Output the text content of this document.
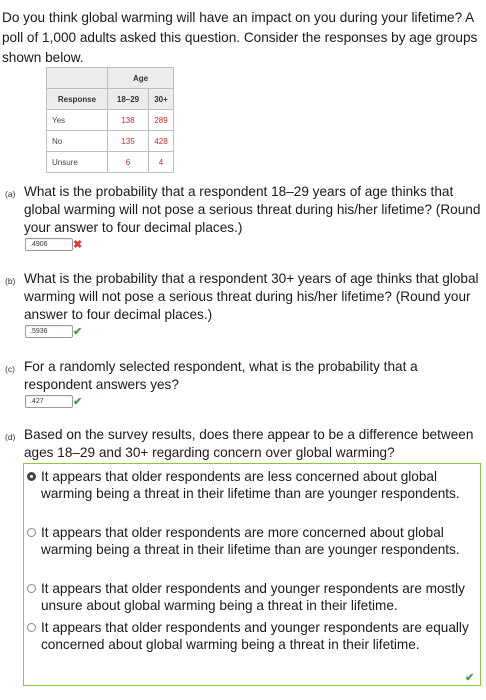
Do you think global warming will have an impact on you during your lifetime? A poll of 1,000 adults asked this question. Consider the responses by age groups shown below.

	Age	
Response	18–29	30+
Yes	138	289
No	135	428
Unsure	6	4
(a) What is the probability that a respondent 18–29 years of age thinks that global warming will not pose a serious threat during his/her lifetime? (Round your answer to four decimal places.)

.4906	✖
(b) What is the probability that a respondent 30+ years of age thinks that global warming will not pose a serious threat during his/her lifetime? (Round your answer to four decimal places.)

.5936	✔
(c) For a randomly selected respondent, what is the probability that a respondent answers yes?

.427	✔
(d) Based on the survey results, does there appear to be a difference between ages 18–29 and 30+ regarding concern over global warming?

It appears that older respondents are less concerned about global warming being a threat in their lifetime than are younger respondents.

It appears that older respondents are more concerned about global warming being a threat in their lifetime than are younger respondents.

It appears that older respondents and younger respondents are mostly unsure about global warming being a threat in their lifetime.

It appears that older respondents and younger respondents are equally concerned about global warming being a threat in their lifetime.

✔
